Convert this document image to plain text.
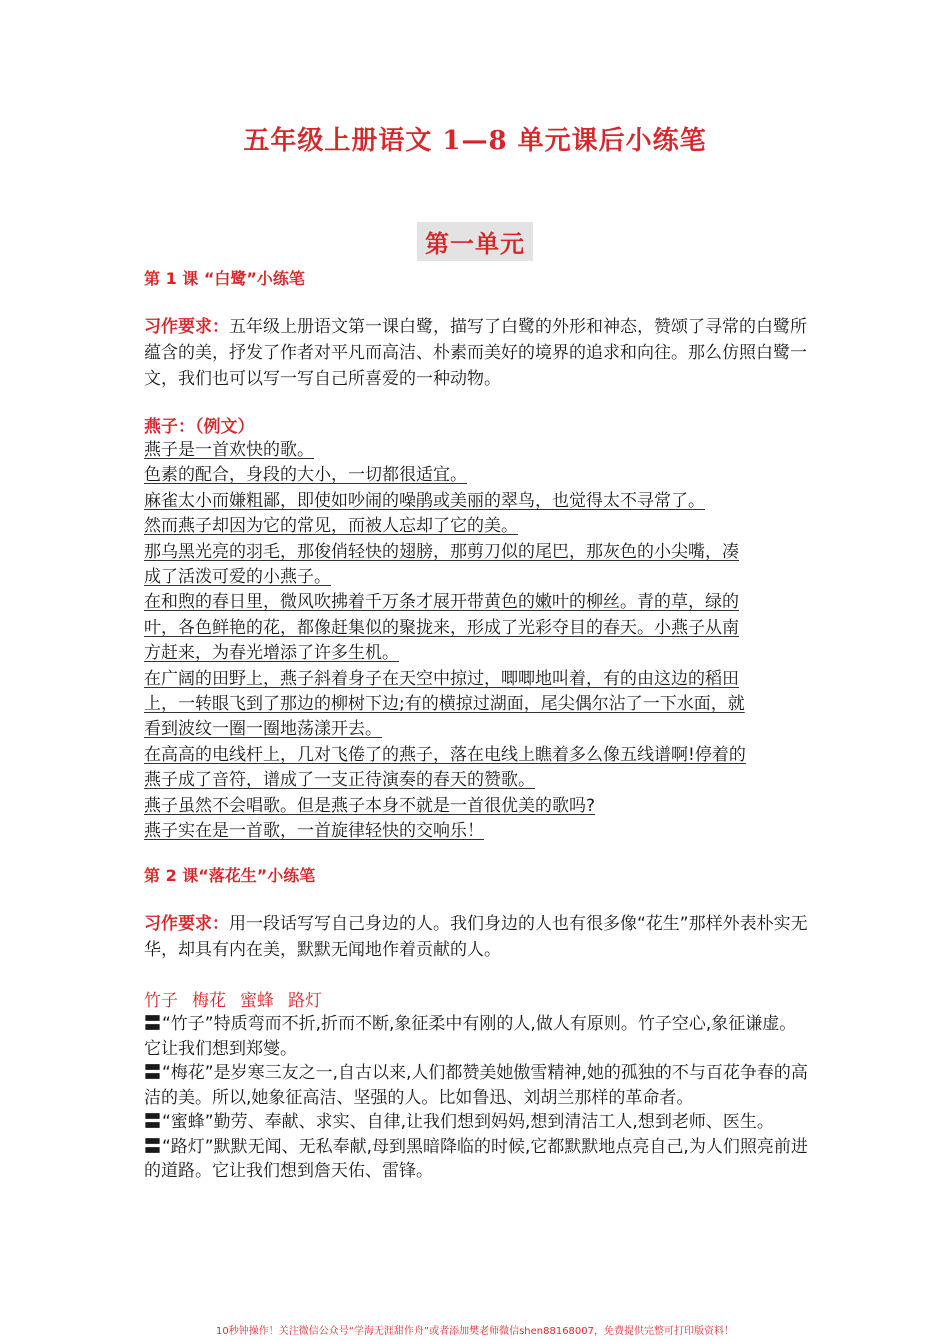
五年级上册语文 1—8 单元课后小练笔
第一单元
第 1 课 “白鹭”小练笔
习作要求：五年级上册语文第一课白鹭，描写了白鹭的外形和神态，赞颂了寻常的白鹭所蕴含的美，抒发了作者对平凡而高洁、朴素而美好的境界的追求和向往。那么仿照白鹭一文，我们也可以写一写自己所喜爱的一种动物。
燕子：（例文）
燕子是一首欢快的歌。
色素的配合，身段的大小，一切都很适宜。
麻雀太小而嫌粗鄙，即使如吵闹的噪鹃或美丽的翠鸟，也觉得太不寻常了。
然而燕子却因为它的常见，而被人忘却了它的美。
那乌黑光亮的羽毛，那俊俏轻快的翅膀，那剪刀似的尾巴，那灰色的小尖嘴，凑
成了活泼可爱的小燕子。
在和煦的春日里，微风吹拂着千万条才展开带黄色的嫩叶的柳丝。青的草，绿的
叶，各色鲜艳的花，都像赶集似的聚拢来，形成了光彩夺目的春天。小燕子从南
方赶来，为春光增添了许多生机。
在广阔的田野上，燕子斜着身子在天空中掠过，唧唧地叫着，有的由这边的稻田
上，一转眼飞到了那边的柳树下边;有的横掠过湖面，尾尖偶尔沾了一下水面，就
看到波纹一圈一圈地荡漾开去。
在高高的电线杆上，几对飞倦了的燕子，落在电线上瞧着多么像五线谱啊!停着的
燕子成了音符，谱成了一支正待演奏的春天的赞歌。
燕子虽然不会唱歌。但是燕子本身不就是一首很优美的歌吗?
燕子实在是一首歌，一首旋律轻快的交响乐！
第 2 课“落花生”小练笔
习作要求：用一段话写写自己身边的人。我们身边的人也有很多像“花生”那样外表朴实无华，却具有内在美，默默无闻地作着贡献的人。
竹子 梅花 蜜蜂 路灯
〓“竹子”特质弯而不折,折而不断,象征柔中有刚的人,做人有原则。竹子空心,象征谦虚。它让我们想到郑燮。
〓“梅花”是岁寒三友之一,自古以来,人们都赞美她傲雪精神,她的孤独的不与百花争春的高洁的美。所以,她象征高洁、坚强的人。比如鲁迅、刘胡兰那样的革命者。
〓“蜜蜂”勤劳、奉献、求实、自律,让我们想到妈妈,想到清洁工人,想到老师、医生。
〓“路灯”默默无闻、无私奉献,母到黑暗降临的时候,它都默默地点亮自己,为人们照亮前进的道路。它让我们想到詹天佑、雷锋。
10秒钟操作！关注微信公众号“学海无涯甜作舟”或者添加樊老师微信shen88168007，免费提供完整可打印版资料！
